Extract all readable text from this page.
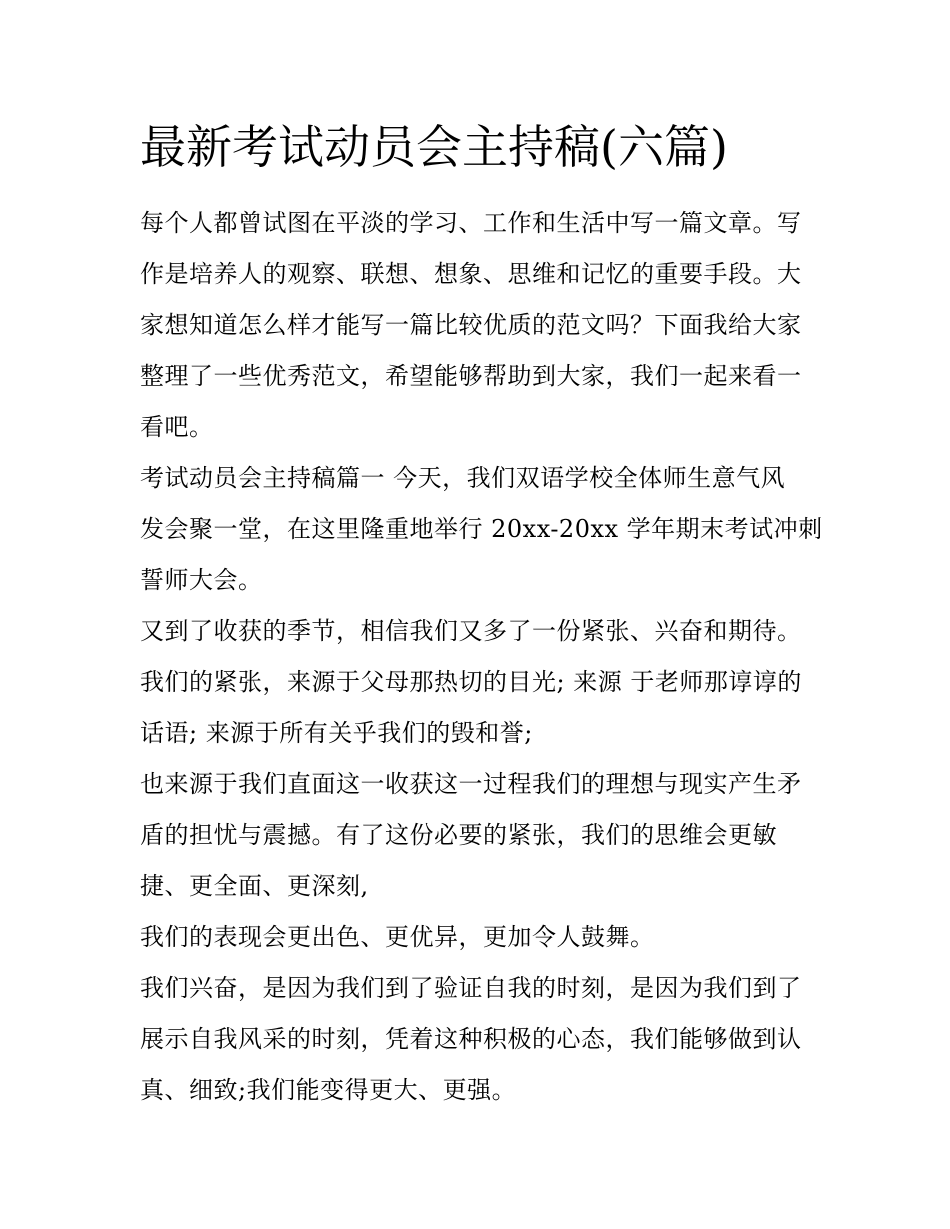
最新考试动员会主持稿(六篇)
每个人都曾试图在平淡的学习、工作和生活中写一篇文章。写
作是培养人的观察、联想、想象、思维和记忆的重要手段。大
家想知道怎么样才能写一篇比较优质的范文吗？下面我给大家
整理了一些优秀范文，希望能够帮助到大家，我们一起来看一
看吧。
考试动员会主持稿篇一 今天，我们双语学校全体师生意气风
发会聚一堂，在这里隆重地举行 20xx-20xx 学年期末考试冲刺
誓师大会。
又到了收获的季节，相信我们又多了一份紧张、兴奋和期待。
我们的紧张，来源于父母那热切的目光; 来源 于老师那谆谆的
话语; 来源于所有关乎我们的毁和誉;
也来源于我们直面这一收获这一过程我们的理想与现实产生矛
盾的担忧与震撼。有了这份必要的紧张，我们的思维会更敏
捷、更全面、更深刻,
我们的表现会更出色、更优异，更加令人鼓舞。
我们兴奋，是因为我们到了验证自我的时刻，是因为我们到了
展示自我风采的时刻，凭着这种积极的心态，我们能够做到认
真、细致;我们能变得更大、更强。
